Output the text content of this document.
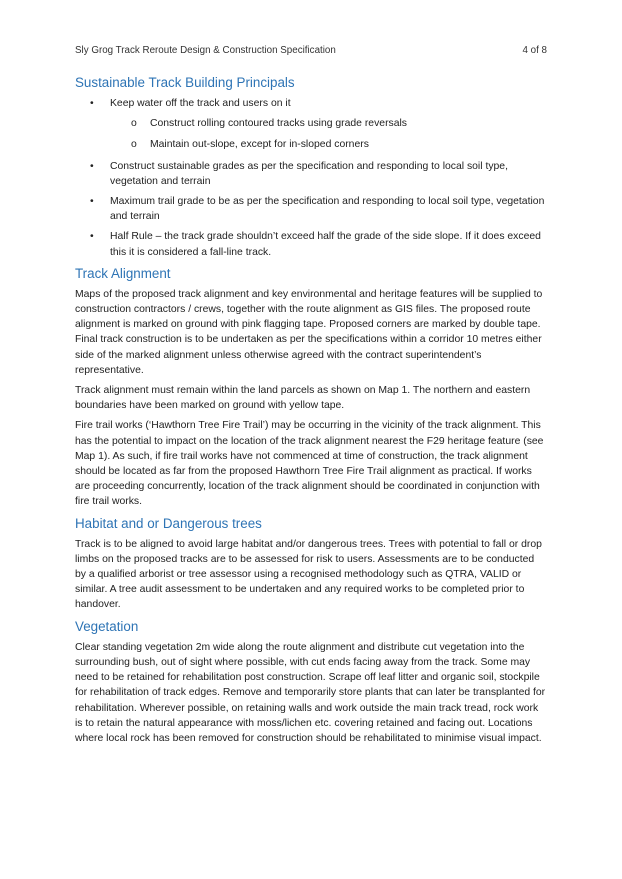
Sly Grog Track Reroute Design & Construction Specification	4 of 8
Sustainable Track Building Principals
• Keep water off the track and users on it
o Construct rolling contoured tracks using grade reversals
o Maintain out-slope, except for in-sloped corners
• Construct sustainable grades as per the specification and responding to local soil type, vegetation and terrain
• Maximum trail grade to be as per the specification and responding to local soil type, vegetation and terrain
• Half Rule – the track grade shouldn’t exceed half the grade of the side slope. If it does exceed this it is considered a fall-line track.
Track Alignment

Maps of the proposed track alignment and key environmental and heritage features will be supplied to construction contractors / crews, together with the route alignment as GIS files. The proposed route alignment is marked on ground with pink flagging tape. Proposed corners are marked by double tape. Final track construction is to be undertaken as per the specifications within a corridor 10 metres either side of the marked alignment unless otherwise agreed with the contract superintendent’s representative.

Track alignment must remain within the land parcels as shown on Map 1. The northern and eastern boundaries have been marked on ground with yellow tape.

Fire trail works (‘Hawthorn Tree Fire Trail’) may be occurring in the vicinity of the track alignment. This has the potential to impact on the location of the track alignment nearest the F29 heritage feature (see Map 1). As such, if fire trail works have not commenced at time of construction, the track alignment should be located as far from the proposed Hawthorn Tree Fire Trail alignment as practical. If works are proceeding concurrently, location of the track alignment should be coordinated in conjunction with fire trail works.

Habitat and or Dangerous trees

Track is to be aligned to avoid large habitat and/or dangerous trees. Trees with potential to fall or drop limbs on the proposed tracks are to be assessed for risk to users. Assessments are to be conducted by a qualified arborist or tree assessor using a recognised methodology such as QTRA, VALID or similar. A tree audit assessment to be undertaken and any required works to be completed prior to handover.

Vegetation

Clear standing vegetation 2m wide along the route alignment and distribute cut vegetation into the surrounding bush, out of sight where possible, with cut ends facing away from the track. Some may need to be retained for rehabilitation post construction. Scrape off leaf litter and organic soil, stockpile for rehabilitation of track edges. Remove and temporarily store plants that can later be transplanted for rehabilitation. Wherever possible, on retaining walls and work outside the main track tread, rock work is to retain the natural appearance with moss/lichen etc. covering retained and facing out. Locations where local rock has been removed for construction should be rehabilitated to minimise visual impact.
